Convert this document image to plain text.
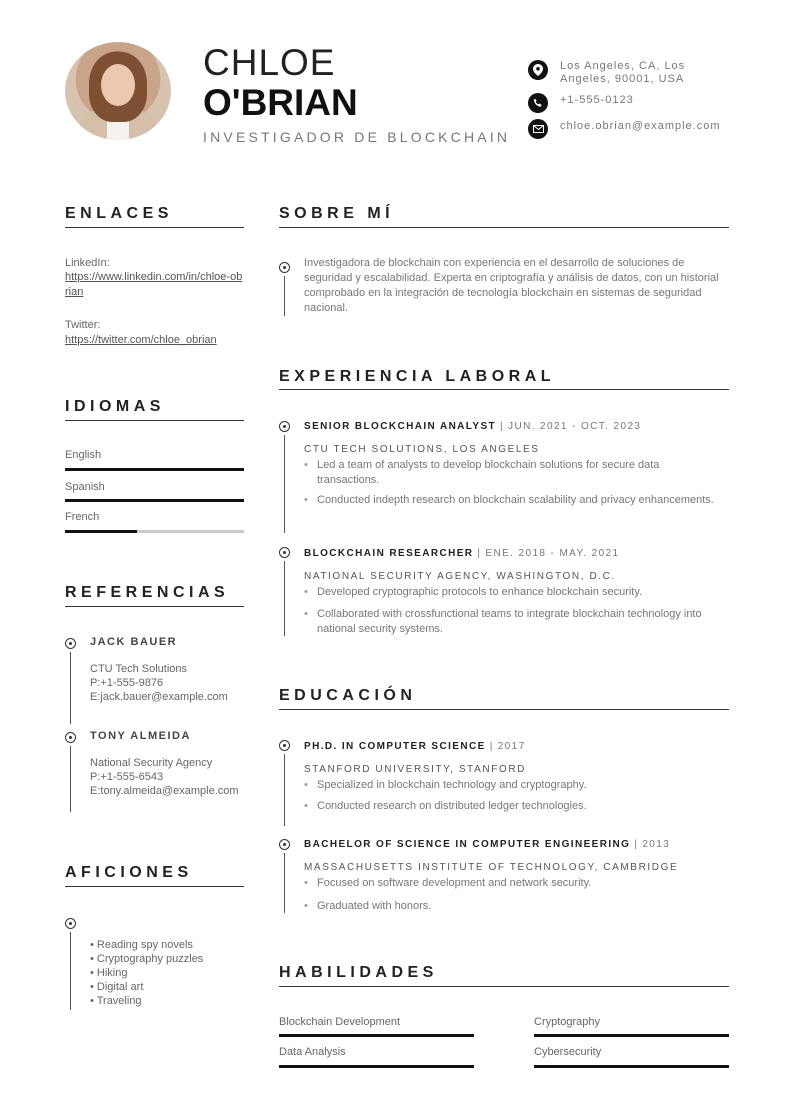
CHLOE
O'BRIAN
INVESTIGADOR DE BLOCKCHAIN
Los Angeles, CA, Los Angeles, 90001, USA
+1-555-0123
chloe.obrian@example.com
ENLACES
LinkedIn:
https://www.linkedin.com/in/chloe-obrian
Twitter:
https://twitter.com/chloe_obrian
IDIOMAS
English
Spanish
French
REFERENCIAS
JACK BAUER
CTU Tech Solutions
P:+1-555-9876
E:jack.bauer@example.com
TONY ALMEIDA
National Security Agency
P:+1-555-6543
E:tony.almeida@example.com
AFICIONES
• Reading spy novels
• Cryptography puzzles
• Hiking
• Digital art
• Traveling
SOBRE MÍ
Investigadora de blockchain con experiencia en el desarrollo de soluciones de seguridad y escalabilidad. Experta en criptografía y análisis de datos, con un historial comprobado en la integración de tecnología blockchain en sistemas de seguridad nacional.
EXPERIENCIA LABORAL
SENIOR BLOCKCHAIN ANALYST | JUN. 2021 - OCT. 2023
CTU TECH SOLUTIONS, LOS ANGELES
• Led a team of analysts to develop blockchain solutions for secure data transactions.
• Conducted indepth research on blockchain scalability and privacy enhancements.
BLOCKCHAIN RESEARCHER | ENE. 2018 - MAY. 2021
NATIONAL SECURITY AGENCY, WASHINGTON, D.C.
• Developed cryptographic protocols to enhance blockchain security.
• Collaborated with crossfunctional teams to integrate blockchain technology into national security systems.
EDUCACIÓN
PH.D. IN COMPUTER SCIENCE | 2017
STANFORD UNIVERSITY, STANFORD
• Specialized in blockchain technology and cryptography.
• Conducted research on distributed ledger technologies.
BACHELOR OF SCIENCE IN COMPUTER ENGINEERING | 2013
MASSACHUSETTS INSTITUTE OF TECHNOLOGY, CAMBRIDGE
• Focused on software development and network security.
• Graduated with honors.
HABILIDADES
Blockchain Development	Cryptography
Data Analysis	Cybersecurity
